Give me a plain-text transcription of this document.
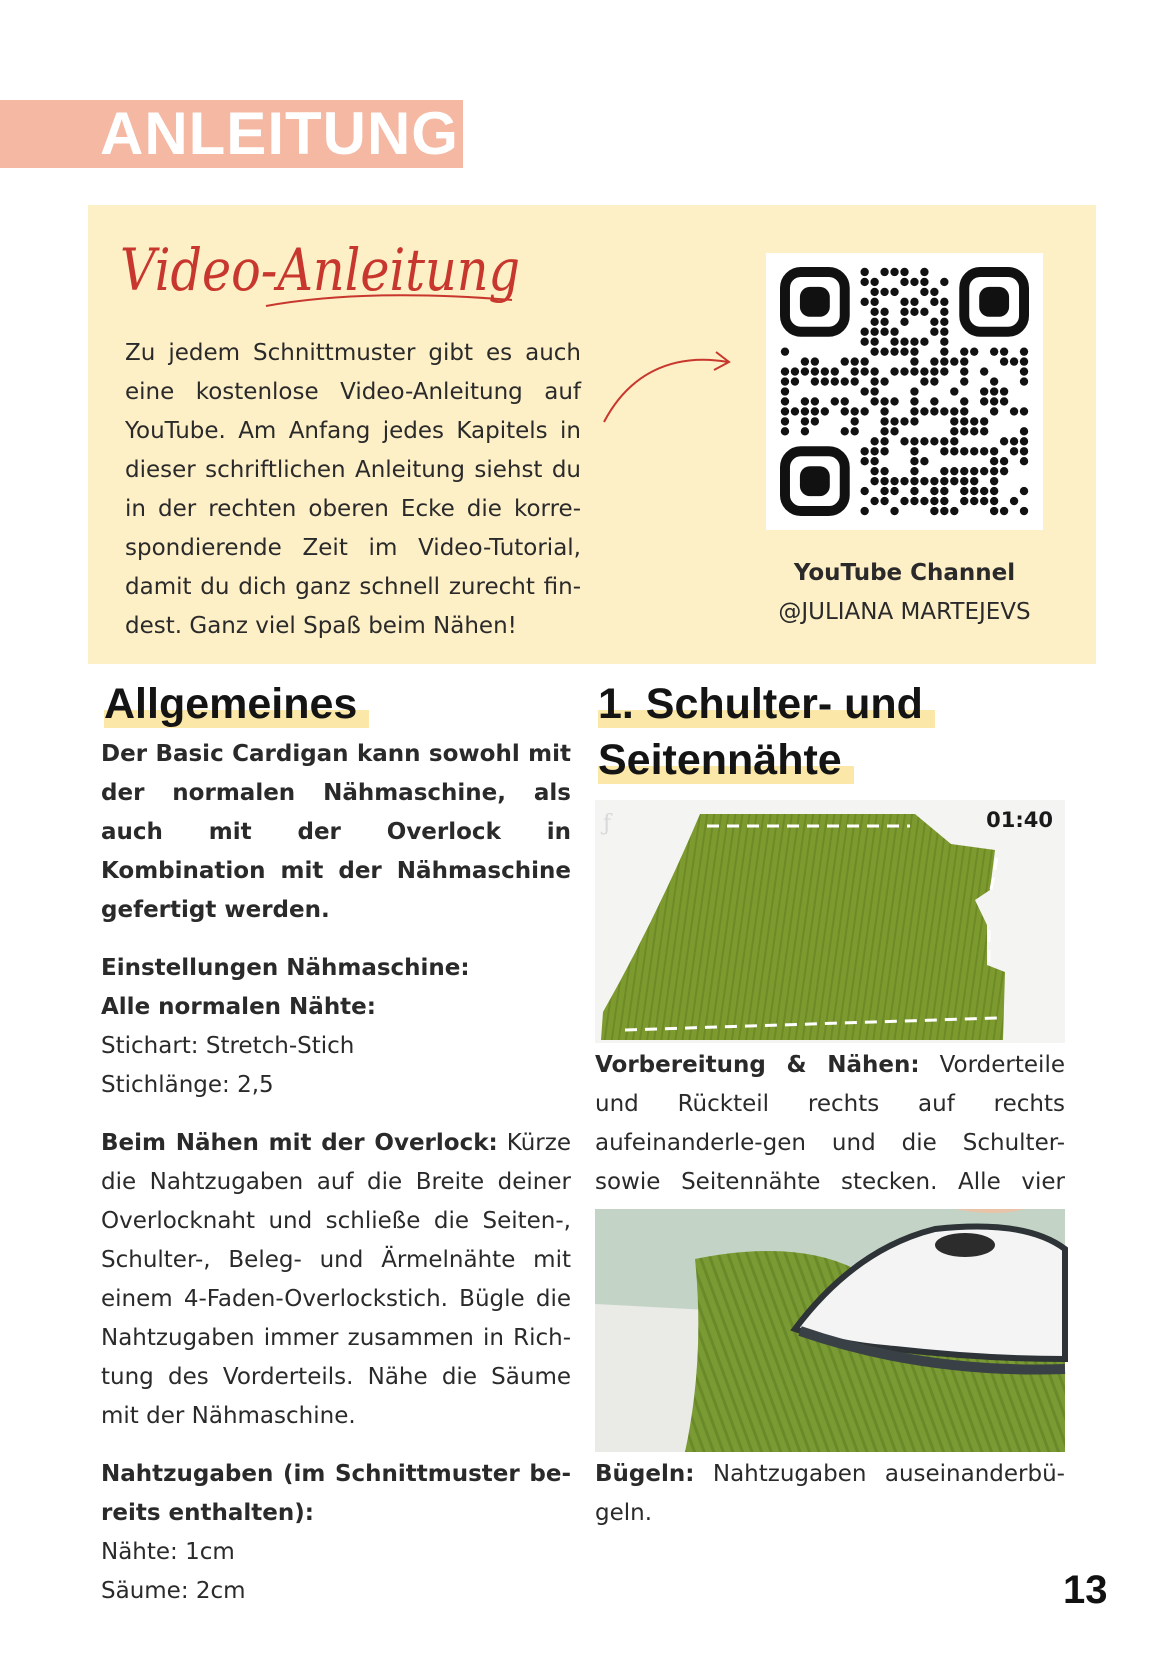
ANLEITUNG
Video-Anleitung

Zu jedem Schnittmuster gibt es auch eine kostenlose Video-Anleitung auf YouTube. Am Anfang jedes Kapitels in dieser schriftlichen Anleitung siehst du in der rechten oberen Ecke die korre-spondierende Zeit im Video-Tutorial, damit du dich ganz schnell zurecht fin-dest. Ganz viel Spaß beim Nähen!

YouTube Channel
@JULIANA MARTEJEVS

Allgemeines

Der Basic Cardigan kann sowohl mit der normalen Nähmaschine, als auch mit der Overlock in Kombination mit der Nähmaschine gefertigt werden.

Einstellungen Nähmaschine:

Alle normalen Nähte:

Stichart: Stretch-Stich

Stichlänge: 2,5

Beim Nähen mit der Overlock: Kürze die Nahtzugaben auf die Breite deiner Overlocknaht und schließe die Seiten-, Schulter-, Beleg- und Ärmelnähte mit einem 4-Faden-Overlockstich. Bügle die Nahtzugaben immer zusammen in Rich-tung des Vorderteils. Nähe die Säume mit der Nähmaschine.

Nahtzugaben (im Schnittmuster be-reits enthalten):

Nähte: 1cm

Säume: 2cm

1. Schulter- und
Seitennähte
ƒ	01:40

Vorbereitung & Nähen: Vorderteile und Rückteil rechts auf rechts aufeinanderle-gen und die Schulter- sowie Seitennähte stecken. Alle vier

Bügeln: Nahtzugaben auseinanderbü-geln.

13
